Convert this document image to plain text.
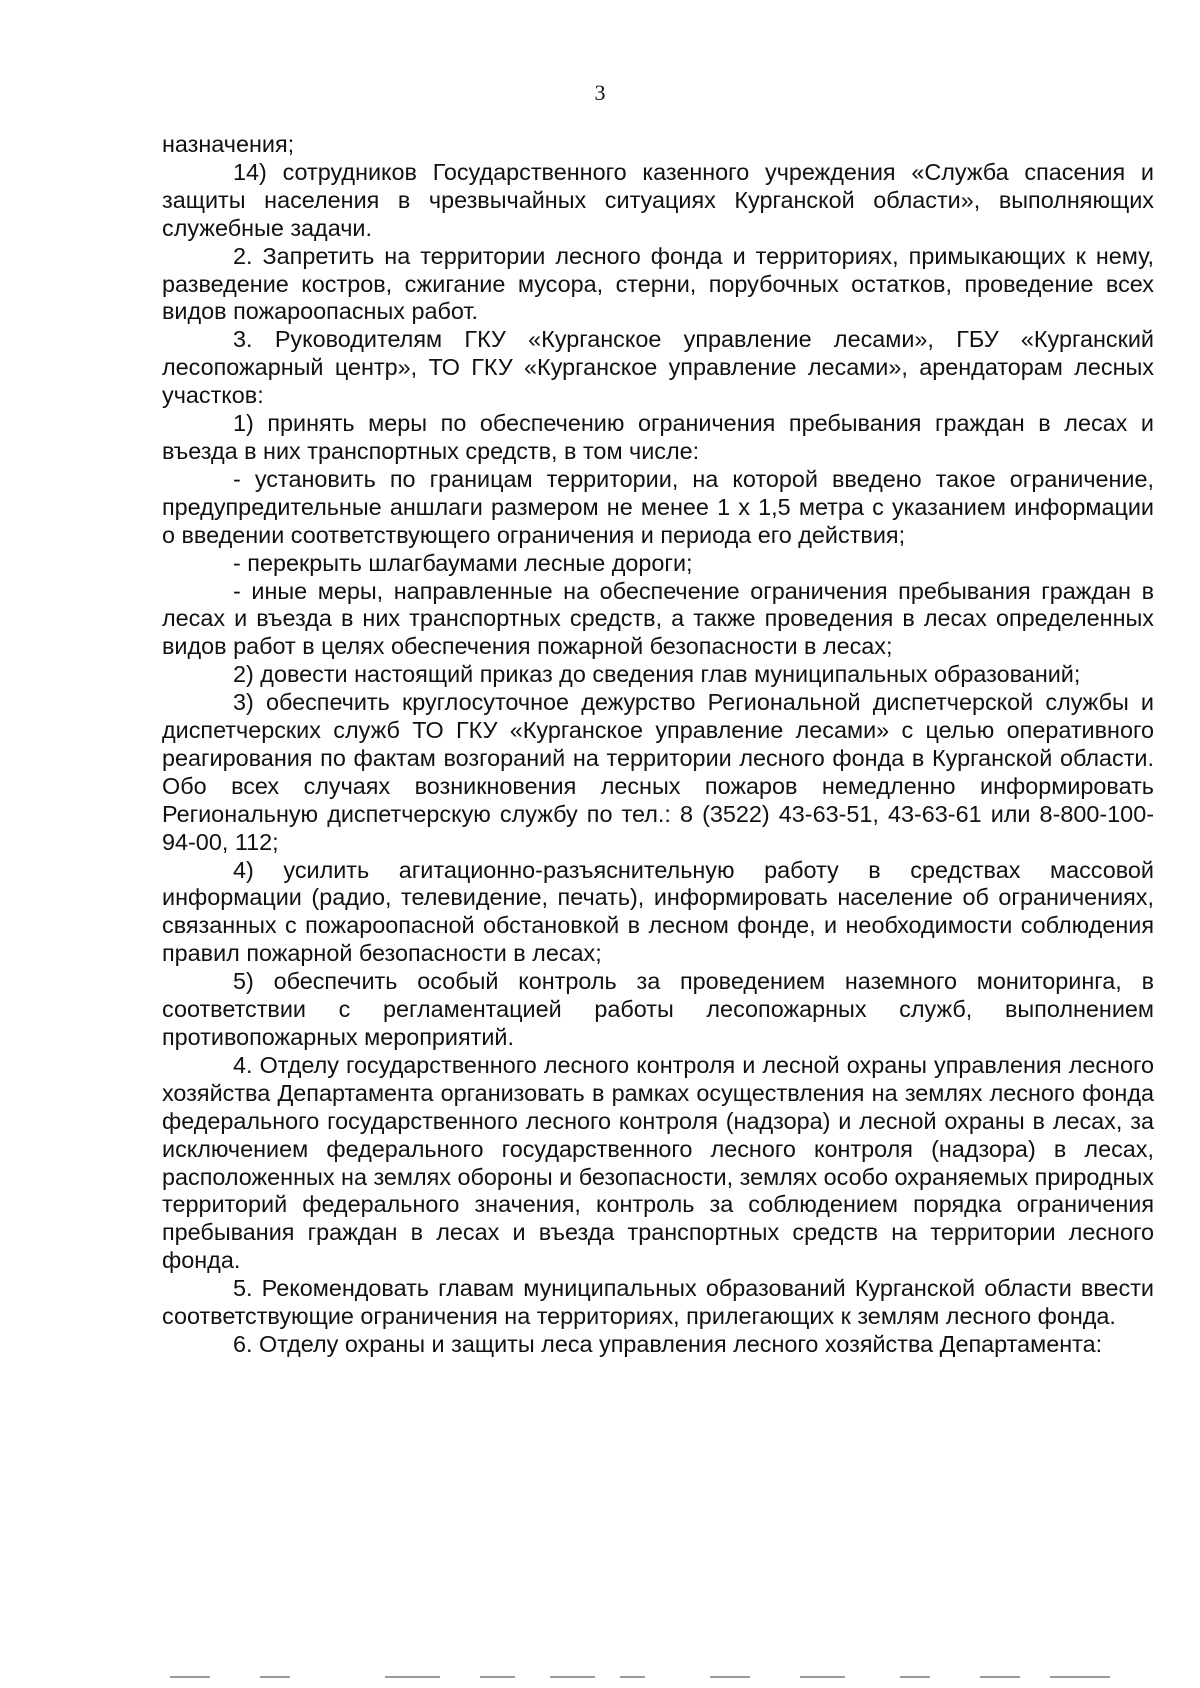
3

назначения;

14) сотрудников Государственного казенного учреждения «Служба спасения и защиты населения в чрезвычайных ситуациях Курганской области», выполняющих служебные задачи.

2. Запретить на территории лесного фонда и территориях, примыкающих к нему, разведение костров, сжигание мусора, стерни, порубочных остатков, проведение всех видов пожароопасных работ.

3. Руководителям ГКУ «Курганское управление лесами», ГБУ «Курганский лесопожарный центр», ТО ГКУ «Курганское управление лесами», арендаторам лесных участков:

1) принять меры по обеспечению ограничения пребывания граждан в лесах и въезда в них транспортных средств, в том числе:

- установить по границам территории, на которой введено такое ограничение, предупредительные аншлаги размером не менее 1 х 1,5 метра с указанием информации о введении соответствующего ограничения и периода его действия;

- перекрыть шлагбаумами лесные дороги;

- иные меры, направленные на обеспечение ограничения пребывания граждан в лесах и въезда в них транспортных средств, а также проведения в лесах определенных видов работ в целях обеспечения пожарной безопасности в лесах;

2) довести настоящий приказ до сведения глав муниципальных образований;

3) обеспечить круглосуточное дежурство Региональной диспетчерской службы и диспетчерских служб ТО ГКУ «Курганское управление лесами» с целью оперативного реагирования по фактам возгораний на территории лесного фонда в Курганской области. Обо всех случаях возникновения лесных пожаров немедленно информировать Региональную диспетчерскую службу по тел.: 8 (3522) 43-63-51, 43-63-61 или 8-800-100-94-00, 112;

4) усилить агитационно-разъяснительную работу в средствах массовой информации (радио, телевидение, печать), информировать население об ограничениях, связанных с пожароопасной обстановкой в лесном фонде, и необходимости соблюдения правил пожарной безопасности в лесах;

5) обеспечить особый контроль за проведением наземного мониторинга, в соответствии с регламентацией работы лесопожарных служб, выполнением противопожарных мероприятий.

4. Отделу государственного лесного контроля и лесной охраны управления лесного хозяйства Департамента организовать в рамках осуществления на землях лесного фонда федерального государственного лесного контроля (надзора) и лесной охраны в лесах, за исключением федерального государственного лесного контроля (надзора) в лесах, расположенных на землях обороны и безопасности, землях особо охраняемых природных территорий федерального значения, контроль за соблюдением порядка ограничения пребывания граждан в лесах и въезда транспортных средств на территории лесного фонда.

5. Рекомендовать главам муниципальных образований Курганской области ввести соответствующие ограничения на территориях, прилегающих к землям лесного фонда.

6. Отделу охраны и защиты леса управления лесного хозяйства Департамента:
